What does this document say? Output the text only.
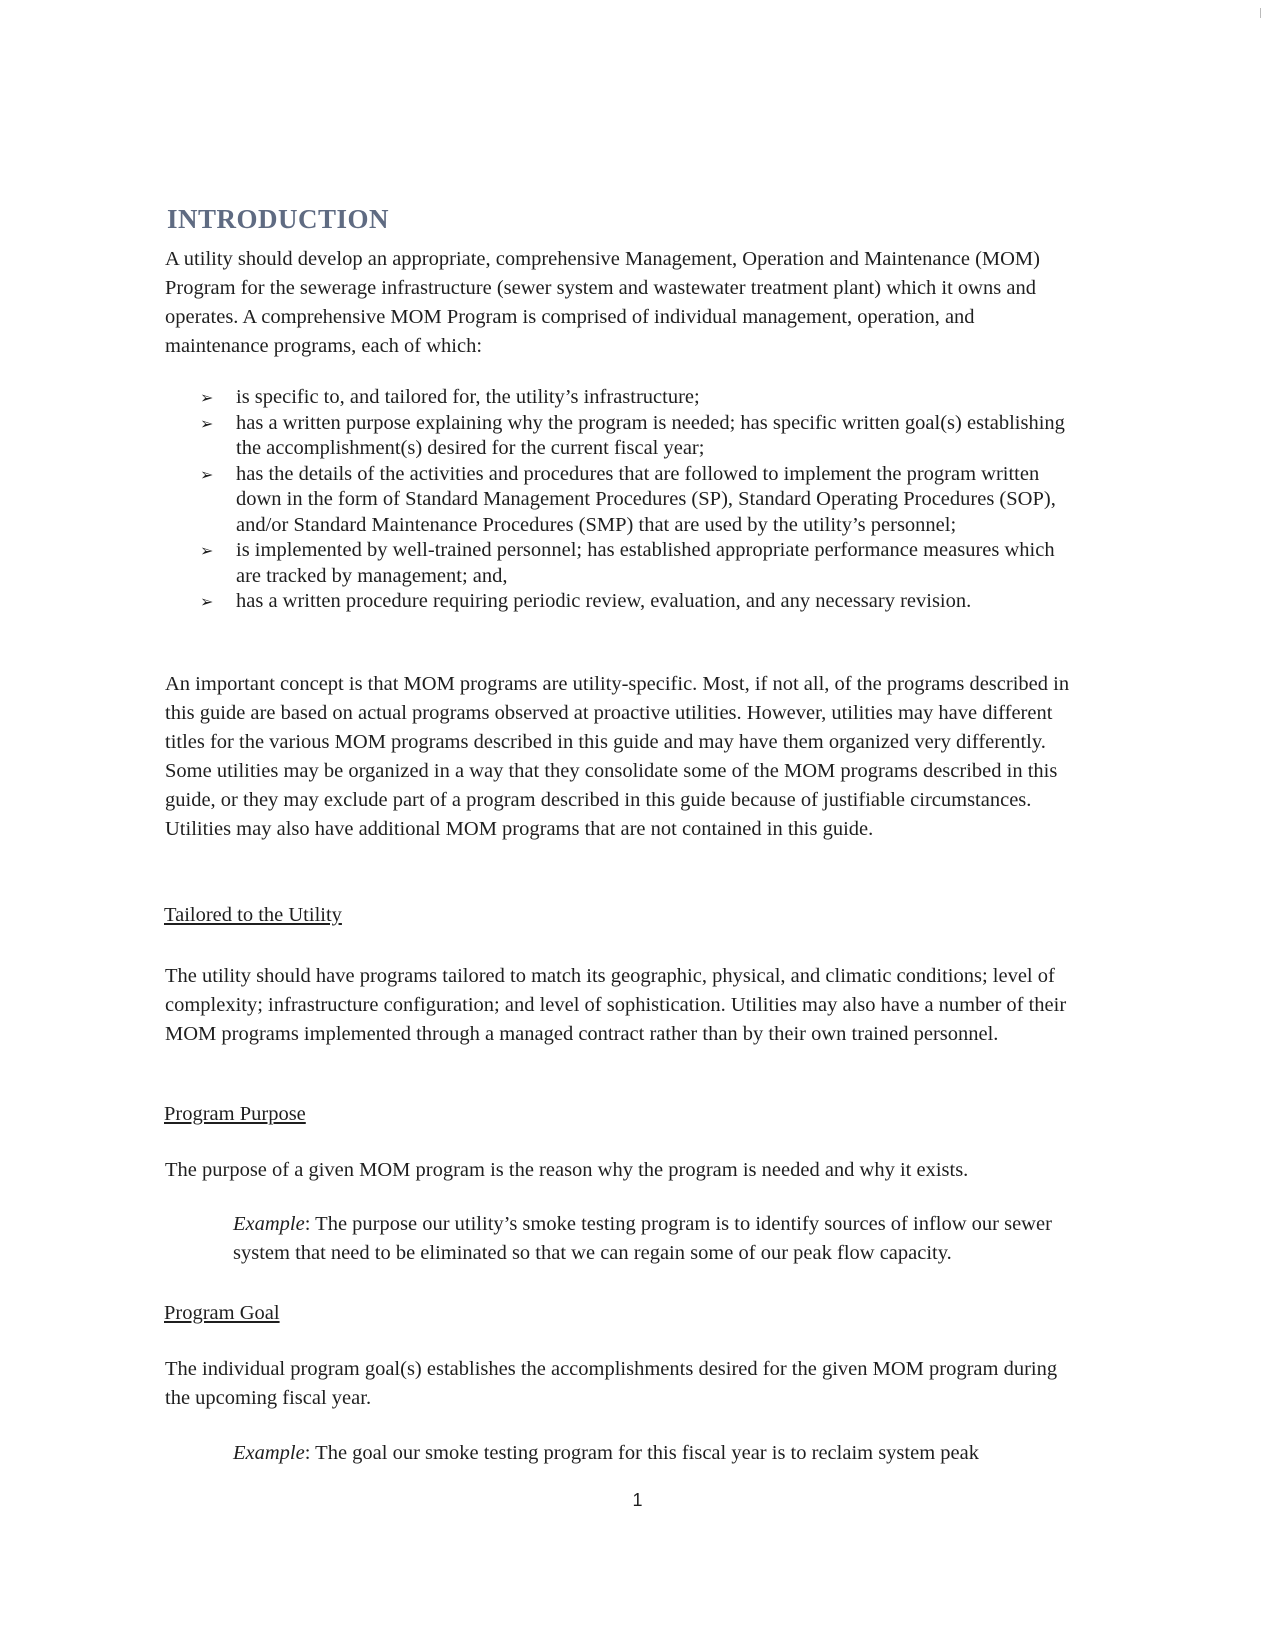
INTRODUCTION

A utility should develop an appropriate, comprehensive Management, Operation and Maintenance (MOM) Program for the sewerage infrastructure (sewer system and wastewater treatment plant) which it owns and operates. A comprehensive MOM Program is comprised of individual management, operation, and maintenance programs, each of which:

➢ is specific to, and tailored for, the utility’s infrastructure;
➢ has a written purpose explaining why the program is needed; has specific written goal(s) establishing the accomplishment(s) desired for the current fiscal year;
➢ has the details of the activities and procedures that are followed to implement the program written down in the form of Standard Management Procedures (SP), Standard Operating Procedures (SOP), and/or Standard Maintenance Procedures (SMP) that are used by the utility’s personnel;
➢ is implemented by well-trained personnel; has established appropriate performance measures which are tracked by management; and,
➢ has a written procedure requiring periodic review, evaluation, and any necessary revision.

An important concept is that MOM programs are utility-specific. Most, if not all, of the programs described in this guide are based on actual programs observed at proactive utilities. However, utilities may have different titles for the various MOM programs described in this guide and may have them organized very differently. Some utilities may be organized in a way that they consolidate some of the MOM programs described in this guide, or they may exclude part of a program described in this guide because of justifiable circumstances. Utilities may also have additional MOM programs that are not contained in this guide.

Tailored to the Utility

The utility should have programs tailored to match its geographic, physical, and climatic conditions; level of complexity; infrastructure configuration; and level of sophistication. Utilities may also have a number of their MOM programs implemented through a managed contract rather than by their own trained personnel.

Program Purpose

The purpose of a given MOM program is the reason why the program is needed and why it exists.

Example: The purpose our utility’s smoke testing program is to identify sources of inflow our sewer system that need to be eliminated so that we can regain some of our peak flow capacity.

Program Goal

The individual program goal(s) establishes the accomplishments desired for the given MOM program during the upcoming fiscal year.

Example: The goal our smoke testing program for this fiscal year is to reclaim system peak

1
